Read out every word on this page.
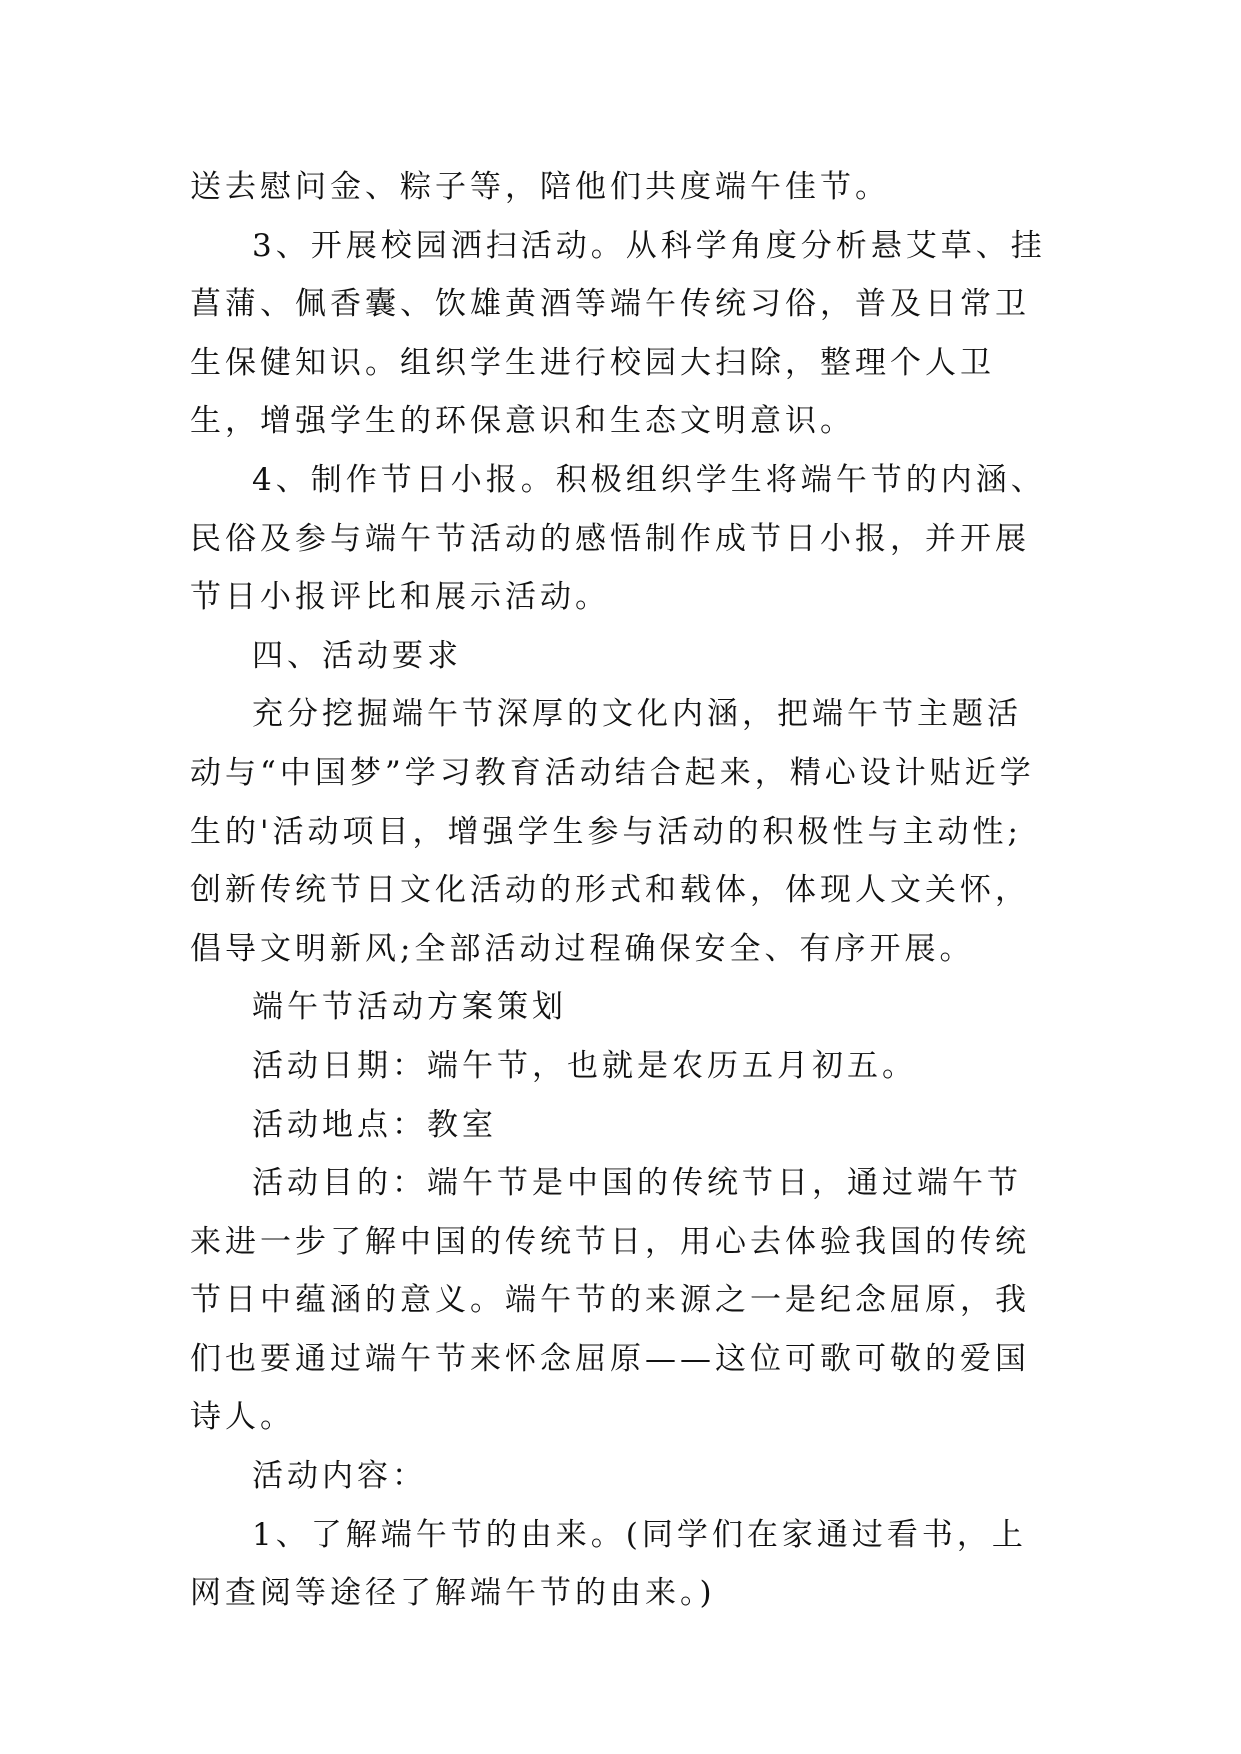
送去慰问金、粽子等，陪他们共度端午佳节。

3、开展校园洒扫活动。从科学角度分析悬艾草、挂菖蒲、佩香囊、饮雄黄酒等端午传统习俗，普及日常卫生保健知识。组织学生进行校园大扫除，整理个人卫生，增强学生的环保意识和生态文明意识。

4、制作节日小报。积极组织学生将端午节的内涵、民俗及参与端午节活动的感悟制作成节日小报，并开展节日小报评比和展示活动。

四、活动要求

充分挖掘端午节深厚的文化内涵，把端午节主题活动与“中国梦”学习教育活动结合起来，精心设计贴近学生的'活动项目，增强学生参与活动的积极性与主动性;创新传统节日文化活动的形式和载体，体现人文关怀，倡导文明新风;全部活动过程确保安全、有序开展。

端午节活动方案策划

活动日期：端午节，也就是农历五月初五。

活动地点：教室

活动目的：端午节是中国的传统节日，通过端午节来进一步了解中国的传统节日，用心去体验我国的传统节日中蕴涵的意义。端午节的来源之一是纪念屈原，我们也要通过端午节来怀念屈原——这位可歌可敬的爱国诗人。

活动内容：

1、了解端午节的由来。(同学们在家通过看书，上网查阅等途径了解端午节的由来。)
